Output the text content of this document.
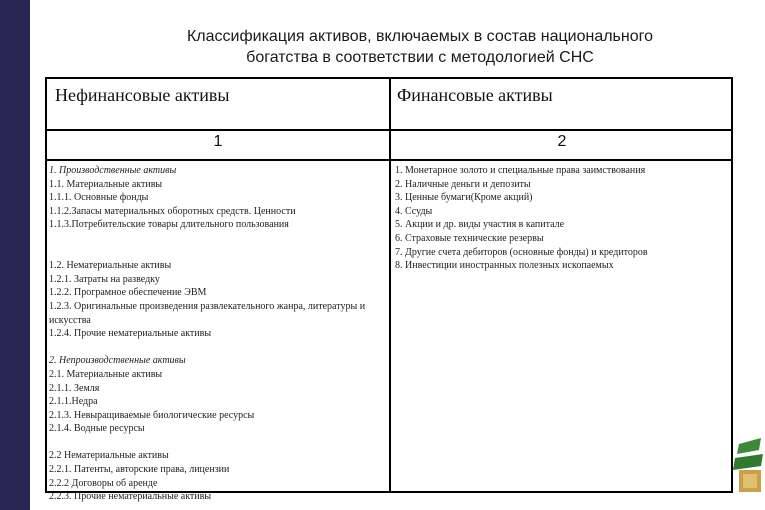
Классификация активов, включаемых в состав национального
богатства в соответствии с методологией СНС
Нефинансовые активы	Финансовые активы
1	2
1. Производственные активы
1.1. Материальные активы
1.1.1. Основные фонды
1.1.2.Запасы материальных оборотных средств. Ценности
1.1.3.Потребительские товары длительного пользования
1.2. Нематериальные активы
1.2.1. Затраты на разведку
1.2.2. Програмное обеспечение ЭВМ
1.2.3. Оригинальные произведения развлекательного жанра, литературы и искусства
1.2.4. Прочие нематериальные активы
2. Непроизводственные активы
2.1. Материальные активы
2.1.1. Земля
2.1.1.Недра
2.1.3. Невыращиваемые биологические ресурсы
2.1.4. Водные ресурсы
2.2 Нематериальные активы
2.2.1. Патенты, авторские права, лицензии
2.2.2 Договоры об аренде
2.2.3. Прочие нематериальные активы
1. Монетарное золото и специальные права заимствования
2. Наличные деньги и депозиты
3. Ценные бумаги(Кроме акций)
4. Ссуды
5. Акции и др. виды участия в капитале
6. Страховые технические резервы
7. Другие счета дебиторов (основные фонды) и кредиторов
8. Инвестиции иностранных полезных ископаемых
